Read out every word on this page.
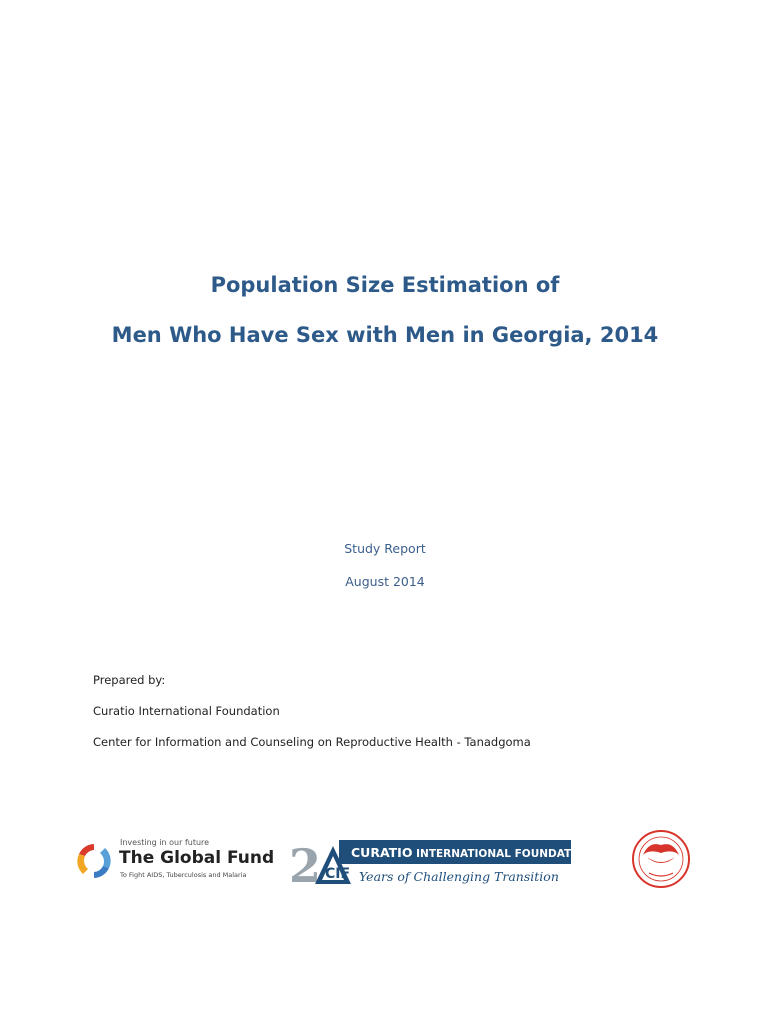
Population Size Estimation of
Men Who Have Sex with Men in Georgia, 2014
Study Report
August 2014
Prepared by:
Curatio International Foundation
Center for Information and Counseling on Reproductive Health - Tanadgoma
Investing in our future
The Global Fund
To Fight AIDS, Tuberculosis and Malaria 2 CIF
CURATIO INTERNATIONAL FOUNDATION
Years of Challenging Transition
